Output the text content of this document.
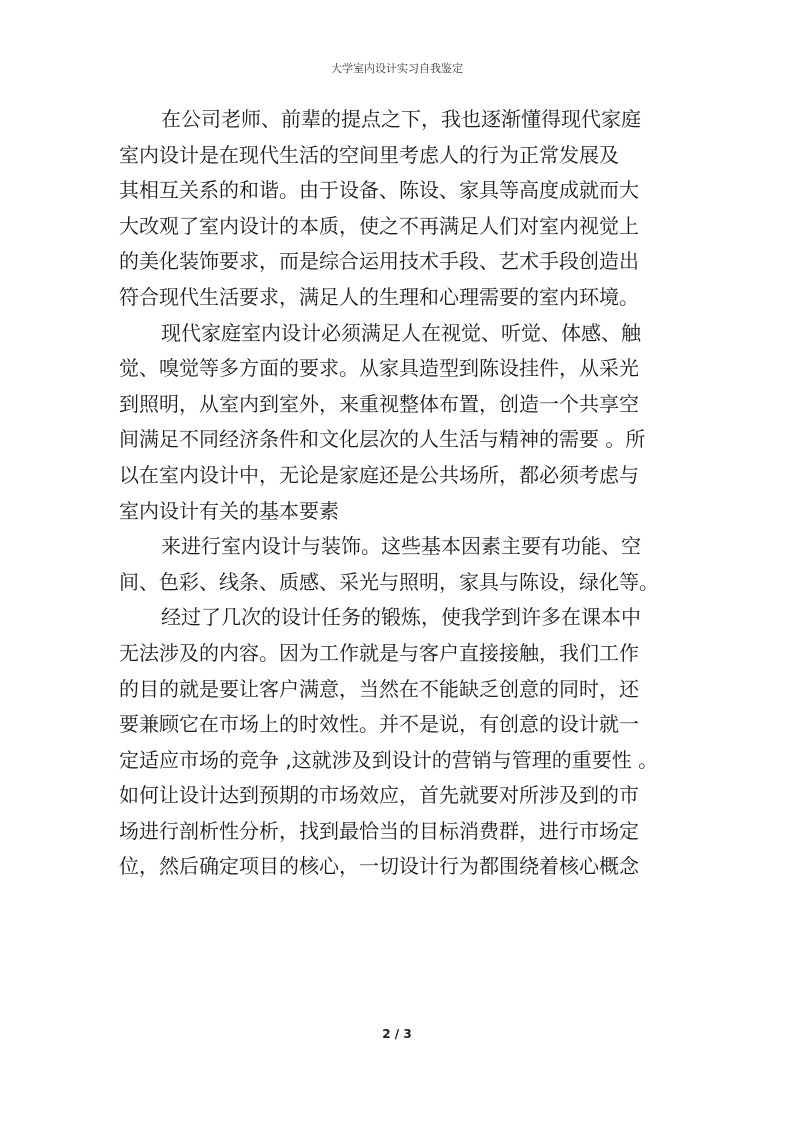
大学室内设计实习自我鉴定
在公司老师、前辈的提点之下，我也逐渐懂得现代家庭
室内设计是在现代生活的空间里考虑人的行为正常发展及
其相互关系的和谐。由于设备、陈设、家具等高度成就而大
大改观了室内设计的本质，使之不再满足人们对室内视觉上
的美化装饰要求，而是综合运用技术手段、艺术手段创造出
符合现代生活要求，满足人的生理和心理需要的室内环境。
现代家庭室内设计必须满足人在视觉、听觉、体感、触
觉、嗅觉等多方面的要求。从家具造型到陈设挂件，从采光
到照明，从室内到室外，来重视整体布置，创造一个共享空
间满足不同经济条件和文化层次的人生活与精神的需要 。所
以在室内设计中，无论是家庭还是公共场所，都必须考虑与
室内设计有关的基本要素
来进行室内设计与装饰。这些基本因素主要有功能、空
间、色彩、线条、质感、采光与照明，家具与陈设，绿化等。
经过了几次的设计任务的锻炼，使我学到许多在课本中
无法涉及的内容。因为工作就是与客户直接接触，我们工作
的目的就是要让客户满意，当然在不能缺乏创意的同时，还
要兼顾它在市场上的时效性。并不是说，有创意的设计就一
定适应市场的竞争 ,这就涉及到设计的营销与管理的重要性 。
如何让设计达到预期的市场效应，首先就要对所涉及到的市
场进行剖析性分析，找到最恰当的目标消费群，进行市场定
位，然后确定项目的核心，一切设计行为都围绕着核心概念
2 / 3
